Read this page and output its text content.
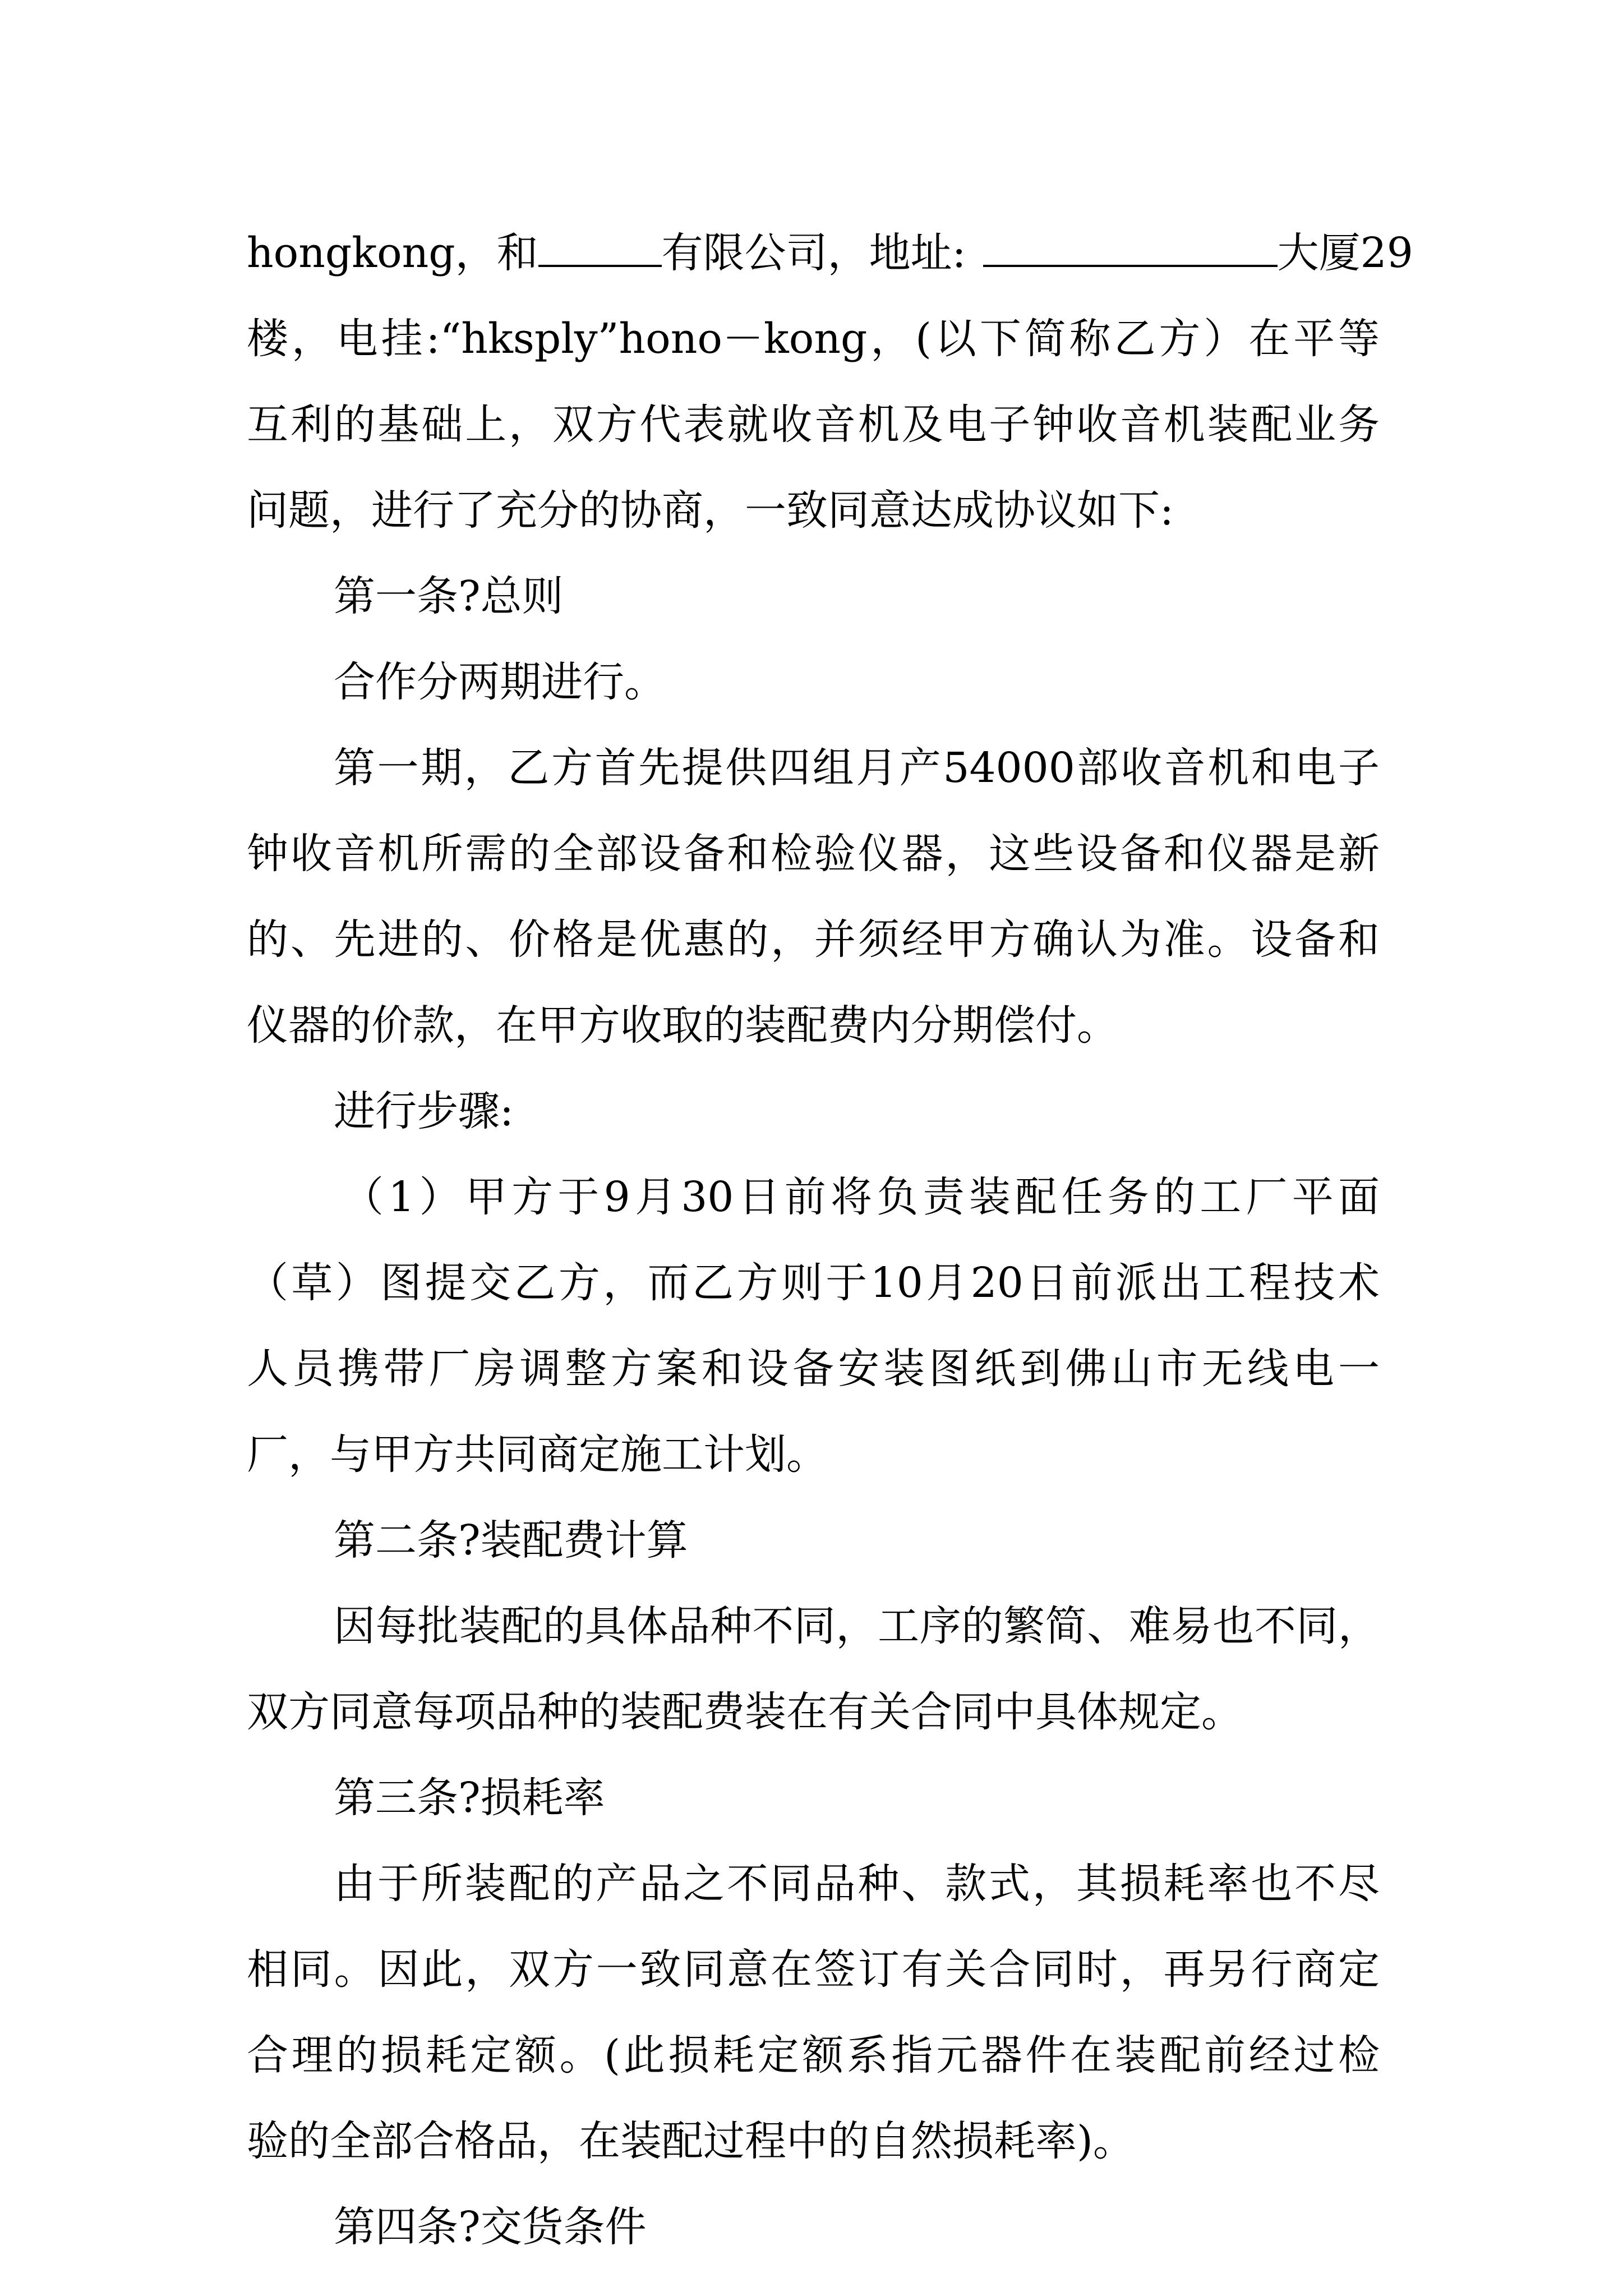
hongkong，和	有限公司，地址:	大厦29
楼，电挂:“hksply”hono－kong，(以下简称乙方）在平等
互利的基础上，双方代表就收音机及电子钟收音机装配业务
问题，进行了充分的协商，一致同意达成协议如下:
第一条?总则
合作分两期进行。
第一期，乙方首先提供四组月产54000部收音机和电子
钟收音机所需的全部设备和检验仪器，这些设备和仪器是新
的、先进的、价格是优惠的，并须经甲方确认为准。设备和
仪器的价款，在甲方收取的装配费内分期偿付。
进行步骤:
（1）甲方于9月30日前将负责装配任务的工厂平面
（草）图提交乙方，而乙方则于10月20日前派出工程技术
人员携带厂房调整方案和设备安装图纸到佛山市无线电一
厂，与甲方共同商定施工计划。
第二条?装配费计算
因每批装配的具体品种不同，工序的繁简、难易也不同，
双方同意每项品种的装配费装在有关合同中具体规定。
第三条?损耗率
由于所装配的产品之不同品种、款式，其损耗率也不尽
相同。因此，双方一致同意在签订有关合同时，再另行商定
合理的损耗定额。(此损耗定额系指元器件在装配前经过检
验的全部合格品，在装配过程中的自然损耗率)。
第四条?交货条件
